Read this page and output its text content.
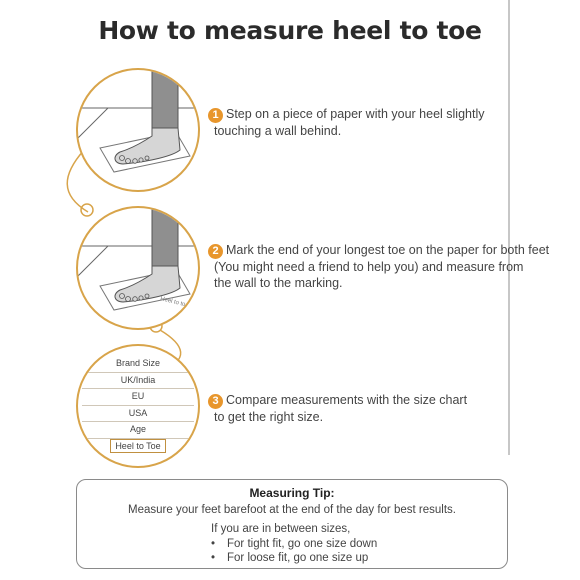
How to measure heel to toe
Heel to toe
Brand Size
UK/India
EU
USA
Age
Heel to Toe
1 Step on a piece of paper with your heel slightly
touching a wall behind.
2 Mark the end of your longest toe on the paper for both feet
(You might need a friend to help you) and measure from
the wall to the marking.
3 Compare measurements with the size chart
to get the right size.
Measuring Tip:
Measure your feet barefoot at the end of the day for best results.
If you are in between sizes,
• For tight fit, go one size down
• For loose fit, go one size up
